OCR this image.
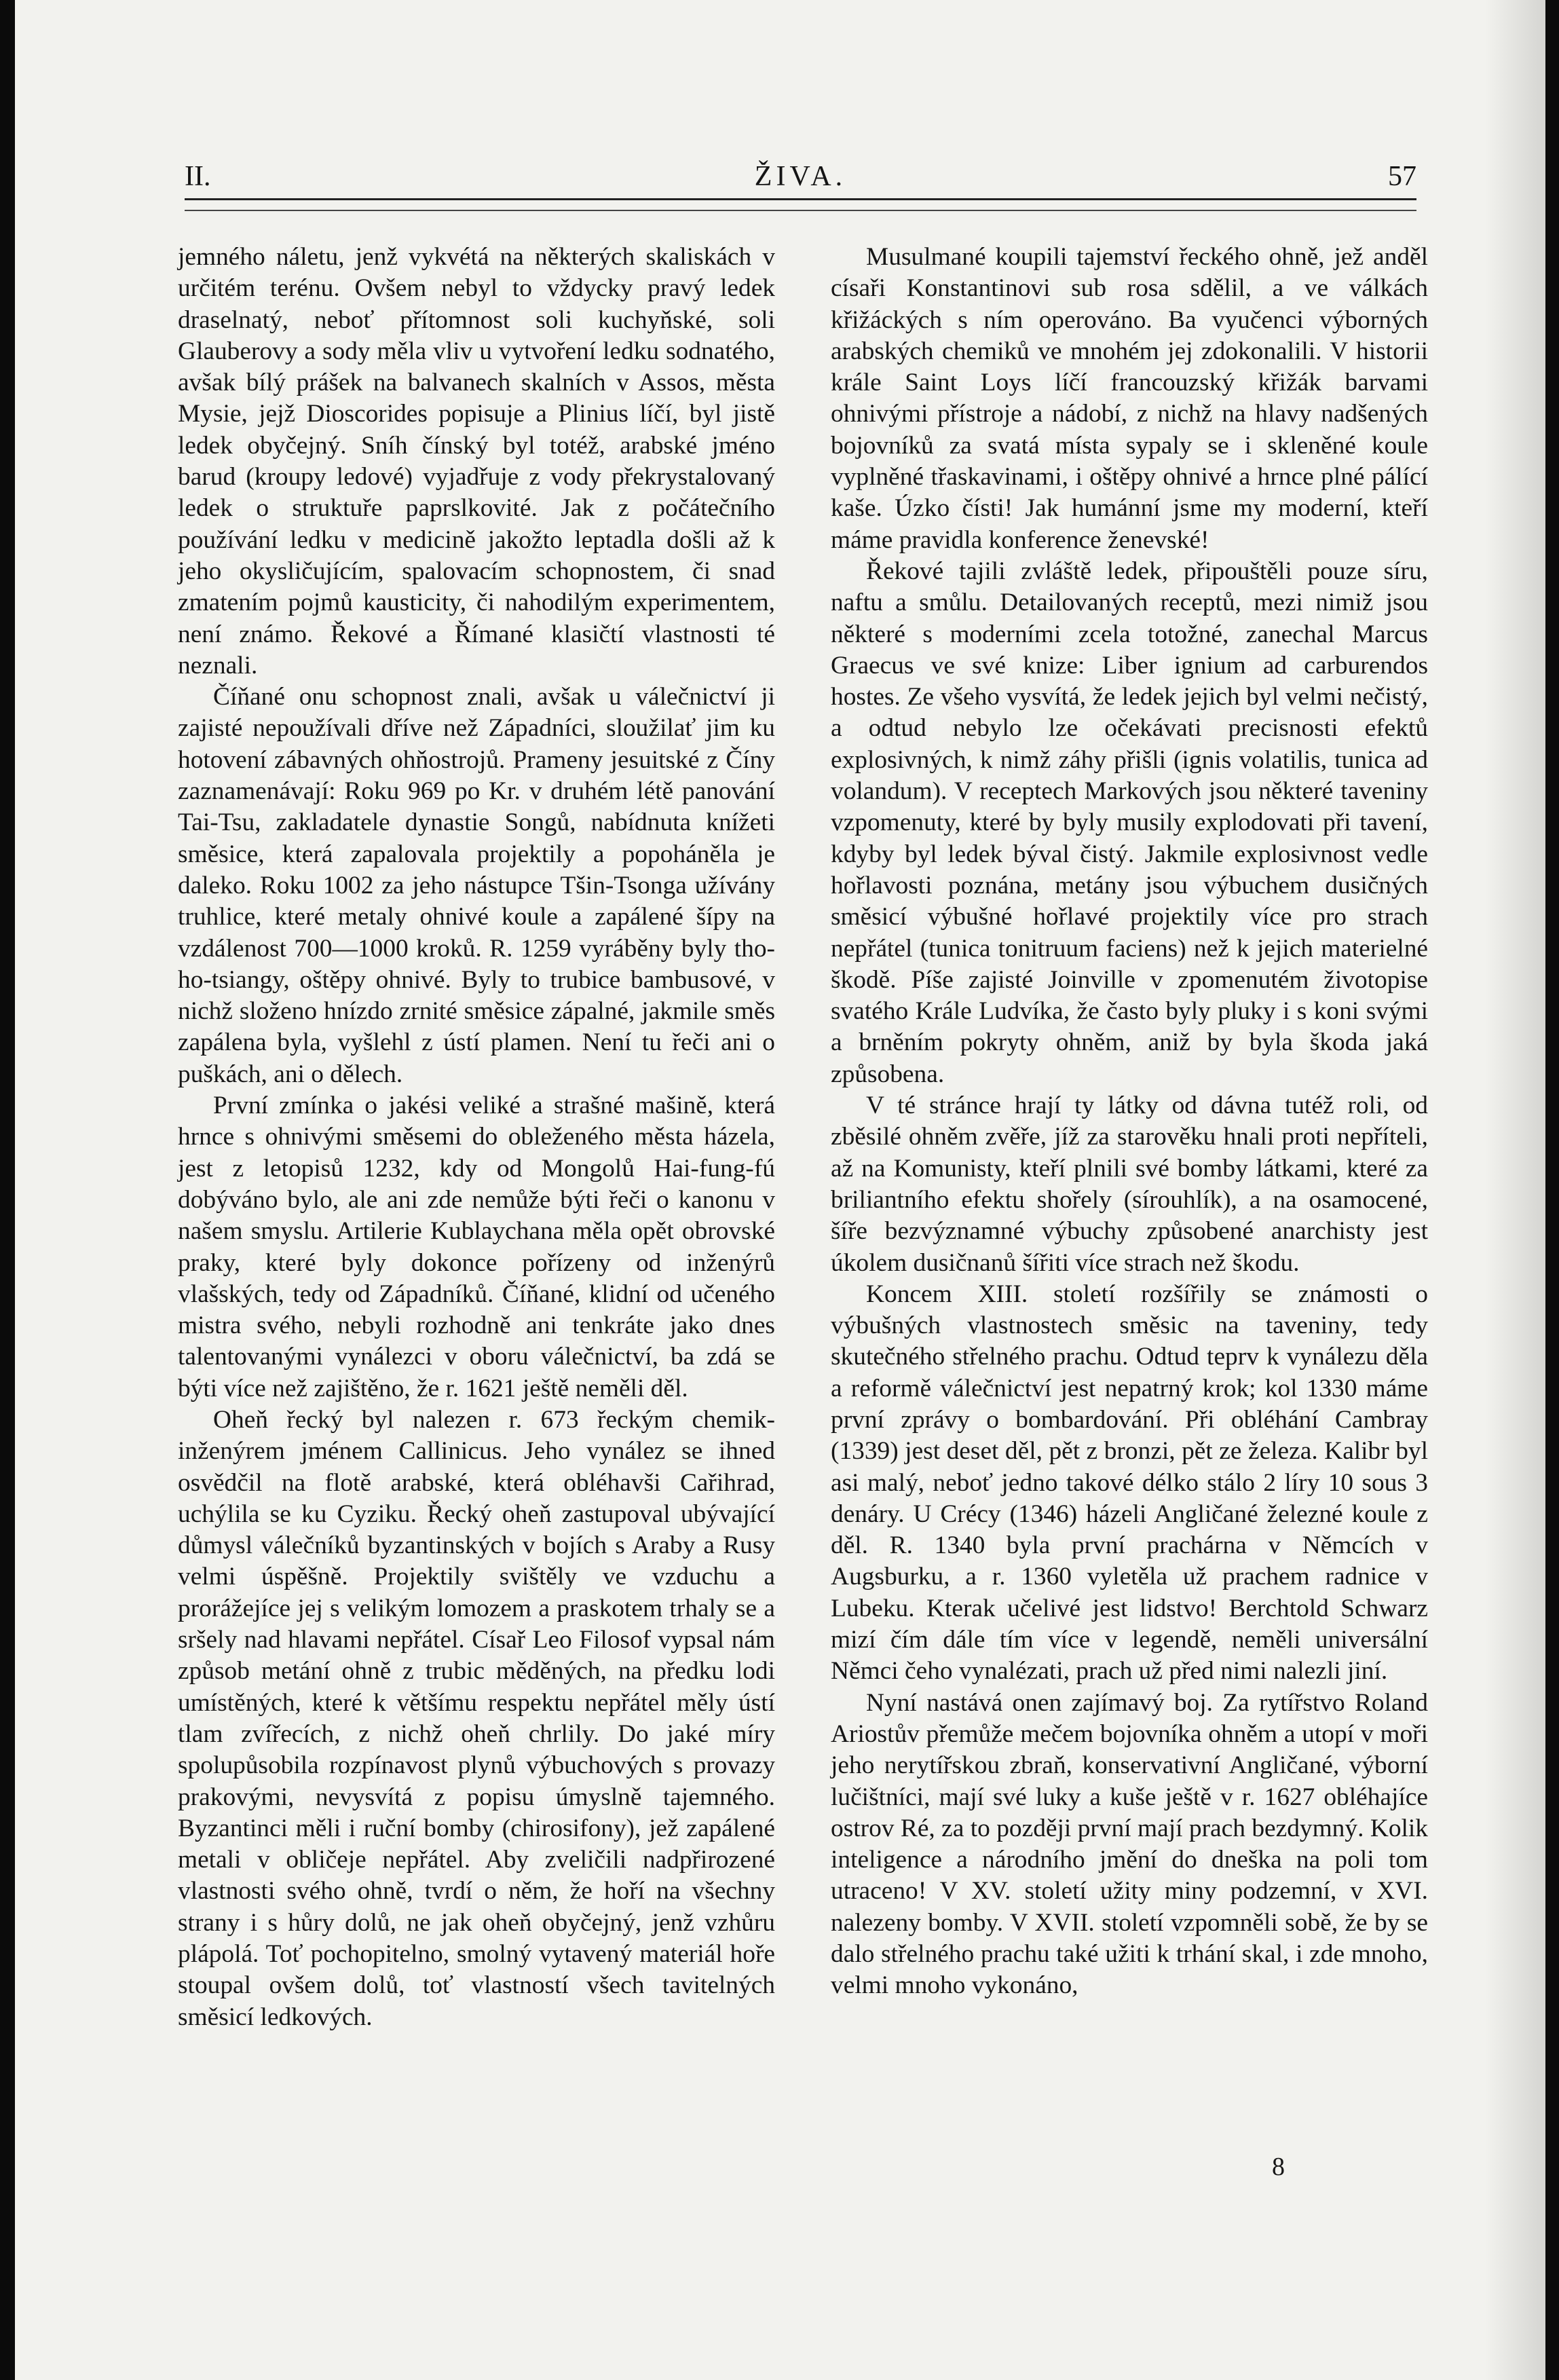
II.	ŽIVA.	57

jemného náletu, jenž vykvétá na některých skaliskách v určitém terénu. Ovšem nebyl to vždycky pravý ledek draselnatý, neboť přítomnost soli kuchyňské, soli Glauberovy a sody měla vliv u vytvoření ledku sodnatého, avšak bílý prášek na balvanech skalních v Assos, města Mysie, jejž Dioscorides popisuje a Plinius líčí, byl jistě ledek obyčejný. Sníh čínský byl totéž, arabské jméno barud (kroupy ledové) vyjadřuje z vody překrystalovaný ledek o struktuře paprslkovité. Jak z počátečního používání ledku v medicině jakožto leptadla došli až k jeho okysličujícím, spalovacím schopnostem, či snad zmatením pojmů kausticity, či nahodilým experimentem, není známo. Řekové a Římané klasičtí vlastnosti té neznali.

Číňané onu schopnost znali, avšak u válečnictví ji zajisté nepoužívali dříve než Západníci, sloužilať jim ku hotovení zábavných ohňostrojů. Prameny jesuitské z Číny zaznamenávají: Roku 969 po Kr. v druhém létě panování Tai-Tsu, zakladatele dynastie Songů, nabídnuta knížeti směsice, která zapalovala projektily a popoháněla je daleko. Roku 1002 za jeho nástupce Tšin-Tsonga užívány truhlice, které metaly ohnivé koule a zapálené šípy na vzdálenost 700—1000 kroků. R. 1259 vyráběny byly tho-ho-tsiangy, oštěpy ohnivé. Byly to trubice bambusové, v nichž složeno hnízdo zrnité směsice zápalné, jakmile směs zapálena byla, vyšlehl z ústí plamen. Není tu řeči ani o puškách, ani o dělech.

První zmínka o jakési veliké a strašné mašině, která hrnce s ohnivými směsemi do obleženého města házela, jest z letopisů 1232, kdy od Mongolů Hai-fung-fú dobýváno bylo, ale ani zde nemůže býti řeči o kanonu v našem smyslu. Artilerie Kublaychana měla opět obrovské praky, které byly dokonce pořízeny od inženýrů vlašských, tedy od Západníků. Číňané, klidní od učeného mistra svého, nebyli rozhodně ani tenkráte jako dnes talentovanými vynálezci v oboru válečnictví, ba zdá se býti více než zajištěno, že r. 1621 ještě neměli děl.

Oheň řecký byl nalezen r. 673 řeckým chemik-inženýrem jménem Callinicus. Jeho vynález se ihned osvědčil na flotě arabské, která obléhavši Cařihrad, uchýlila se ku Cyziku. Řecký oheň zastupoval ubývající důmysl válečníků byzantinských v bojích s Araby a Rusy velmi úspěšně. Projektily svištěly ve vzduchu a prorážejíce jej s velikým lomozem a praskotem trhaly se a sršely nad hlavami nepřátel. Císař Leo Filosof vypsal nám způsob metání ohně z trubic měděných, na předku lodi umístěných, které k většímu respektu nepřátel měly ústí tlam zvířecích, z nichž oheň chrlily. Do jaké míry spolupůsobila rozpínavost plynů výbuchových s provazy prakovými, nevysvítá z popisu úmyslně tajemného. Byzantinci měli i ruční bomby (chirosifony), jež zapálené metali v obličeje nepřátel. Aby zveličili nadpřirozené vlastnosti svého ohně, tvrdí o něm, že hoří na všechny strany i s hůry dolů, ne jak oheň obyčejný, jenž vzhůru plápolá. Toť pochopitelno, smolný vytavený materiál hoře stoupal ovšem dolů, toť vlastností všech tavitelných směsicí ledkových.

Musulmané koupili tajemství řeckého ohně, jež anděl císaři Konstantinovi sub rosa sdělil, a ve válkách křižáckých s ním operováno. Ba vyučenci výborných arabských chemiků ve mnohém jej zdokonalili. V historii krále Saint Loys líčí francouzský křižák barvami ohnivými přístroje a nádobí, z nichž na hlavy nadšených bojovníků za svatá místa sypaly se i skleněné koule vyplněné třaskavinami, i oštěpy ohnivé a hrnce plné pálící kaše. Úzko čísti! Jak humánní jsme my moderní, kteří máme pravidla konference ženevské!

Řekové tajili zvláště ledek, připouštěli pouze síru, naftu a smůlu. Detailovaných receptů, mezi nimiž jsou některé s moderními zcela totožné, zanechal Marcus Graecus ve své knize: Liber ignium ad carburendos hostes. Ze všeho vysvítá, že ledek jejich byl velmi nečistý, a odtud nebylo lze očekávati precisnosti efektů explosivných, k nimž záhy přišli (ignis volatilis, tunica ad volandum). V receptech Markových jsou některé taveniny vzpomenuty, které by byly musily explodovati při tavení, kdyby byl ledek býval čistý. Jakmile explosivnost vedle hořlavosti poznána, metány jsou výbuchem dusičných směsicí výbušné hořlavé projektily více pro strach nepřátel (tunica tonitruum faciens) než k jejich materielné škodě. Píše zajisté Joinville v zpomenutém životopise svatého Krále Ludvíka, že často byly pluky i s koni svými a brněním pokryty ohněm, aniž by byla škoda jaká způsobena.

V té stránce hrají ty látky od dávna tutéž roli, od zběsilé ohněm zvěře, jíž za starověku hnali proti nepříteli, až na Komunisty, kteří plnili své bomby látkami, které za briliantního efektu shořely (sírouhlík), a na osamocené, šíře bezvýznamné výbuchy způsobené anarchisty jest úkolem dusičnanů šířiti více strach než škodu.

Koncem XIII. století rozšířily se známosti o výbušných vlastnostech směsic na taveniny, tedy skutečného střelného prachu. Odtud teprv k vynálezu děla a reformě válečnictví jest nepatrný krok; kol 1330 máme první zprávy o bombardování. Při obléhání Cambray (1339) jest deset děl, pět z bronzi, pět ze železa. Kalibr byl asi malý, neboť jedno takové délko stálo 2 líry 10 sous 3 denáry. U Crécy (1346) házeli Angličané železné koule z děl. R. 1340 byla první prachárna v Němcích v Augsburku, a r. 1360 vyletěla už prachem radnice v Lubeku. Kterak učelivé jest lidstvo! Berchtold Schwarz mizí čím dále tím více v legendě, neměli universální Němci čeho vynalézati, prach už před nimi nalezli jiní.

Nyní nastává onen zajímavý boj. Za rytířstvo Roland Ariostův přemůže mečem bojovníka ohněm a utopí v moři jeho nerytířskou zbraň, konservativní Angličané, výborní lučištníci, mají své luky a kuše ještě v r. 1627 obléhajíce ostrov Ré, za to později první mají prach bezdymný. Kolik inteligence a národního jmění do dneška na poli tom utraceno! V XV. století užity miny podzemní, v XVI. nalezeny bomby. V XVII. století vzpomněli sobě, že by se dalo střelného prachu také užiti k trhání skal, i zde mnoho, velmi mnoho vykonáno,

8
